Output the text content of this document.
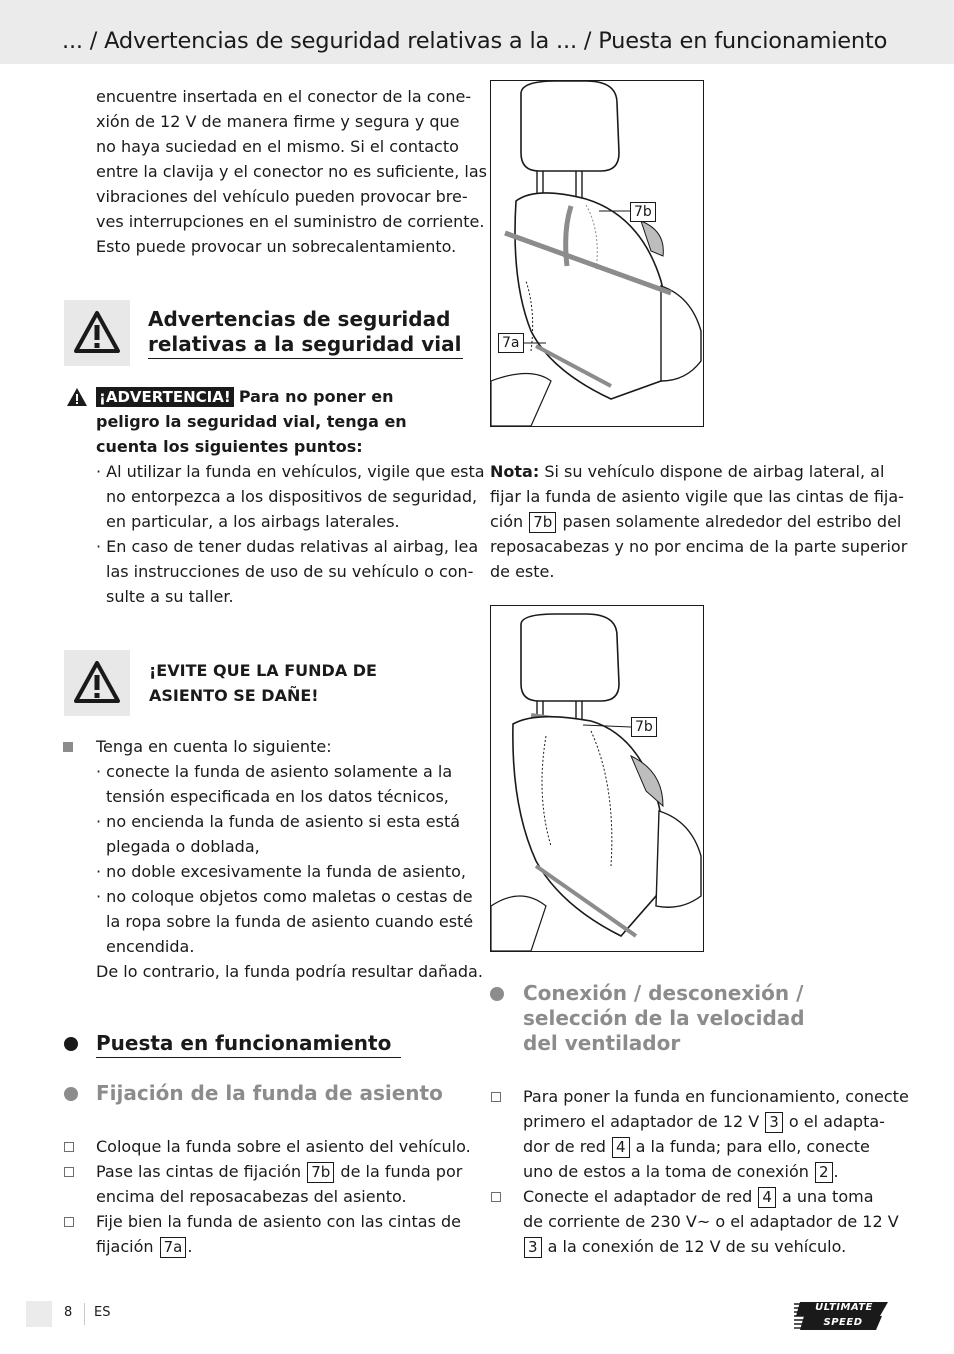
... / Advertencias de seguridad relativas a la ... / Puesta en funcionamiento

encuentre insertada en el conector de la cone-

xión de 12 V de manera firme y segura y que

no haya suciedad en el mismo. Si el contacto

entre la clavija y el conector no es suficiente, las

vibraciones del vehículo pueden provocar bre-

ves interrupciones en el suministro de corriente.

Esto puede provocar un sobrecalentamiento.

Advertencias de seguridad
relativas a la seguridad vial
¡ADVERTENCIA! Para no poner en

peligro la seguridad vial, tenga en

cuenta los siguientes puntos:

· Al utilizar la funda en vehículos, vigile que esta

no entorpezca a los dispositivos de seguridad,

en particular, a los airbags laterales.

· En caso de tener dudas relativas al airbag, lea

las instrucciones de uso de su vehículo o con-

sulte a su taller.

¡EVITE QUE LA FUNDA DE

ASIENTO SE DAÑE!

Tenga en cuenta lo siguiente:

· conecte la funda de asiento solamente a la

tensión especificada en los datos técnicos,

· no encienda la funda de asiento si esta está

plegada o doblada,

· no doble excesivamente la funda de asiento,

· no coloque objetos como maletas o cestas de

la ropa sobre la funda de asiento cuando esté

encendida.

De lo contrario, la funda podría resultar dañada.

Puesta en funcionamiento
Fijación de la funda de asiento

Coloque la funda sobre el asiento del vehículo.

Pase las cintas de fijación 7b de la funda por

encima del reposacabezas del asiento.

Fije bien la funda de asiento con las cintas de

fijación 7a .
7b
7a
Nota: Si su vehículo dispone de airbag lateral, al

fijar la funda de asiento vigile que las cintas de fija-

ción 7b pasen solamente alrededor del estribo del

reposacabezas y no por encima de la parte superior

de este.

7b
Conexión / desconexión /
selección de la velocidad
del ventilador

Para poner la funda en funcionamiento, conecte

primero el adaptador de 12 V 3 o el adapta-
dor de red 4 a la funda; para ello, conecte
uno de estos a la toma de conexión 2 .
Conecte el adaptador de red 4 a una toma

de corriente de 230 V~ o el adaptador de 12 V

3 a la conexión de 12 V de su vehículo.
8 ES	ULTIMATE
SPEED
